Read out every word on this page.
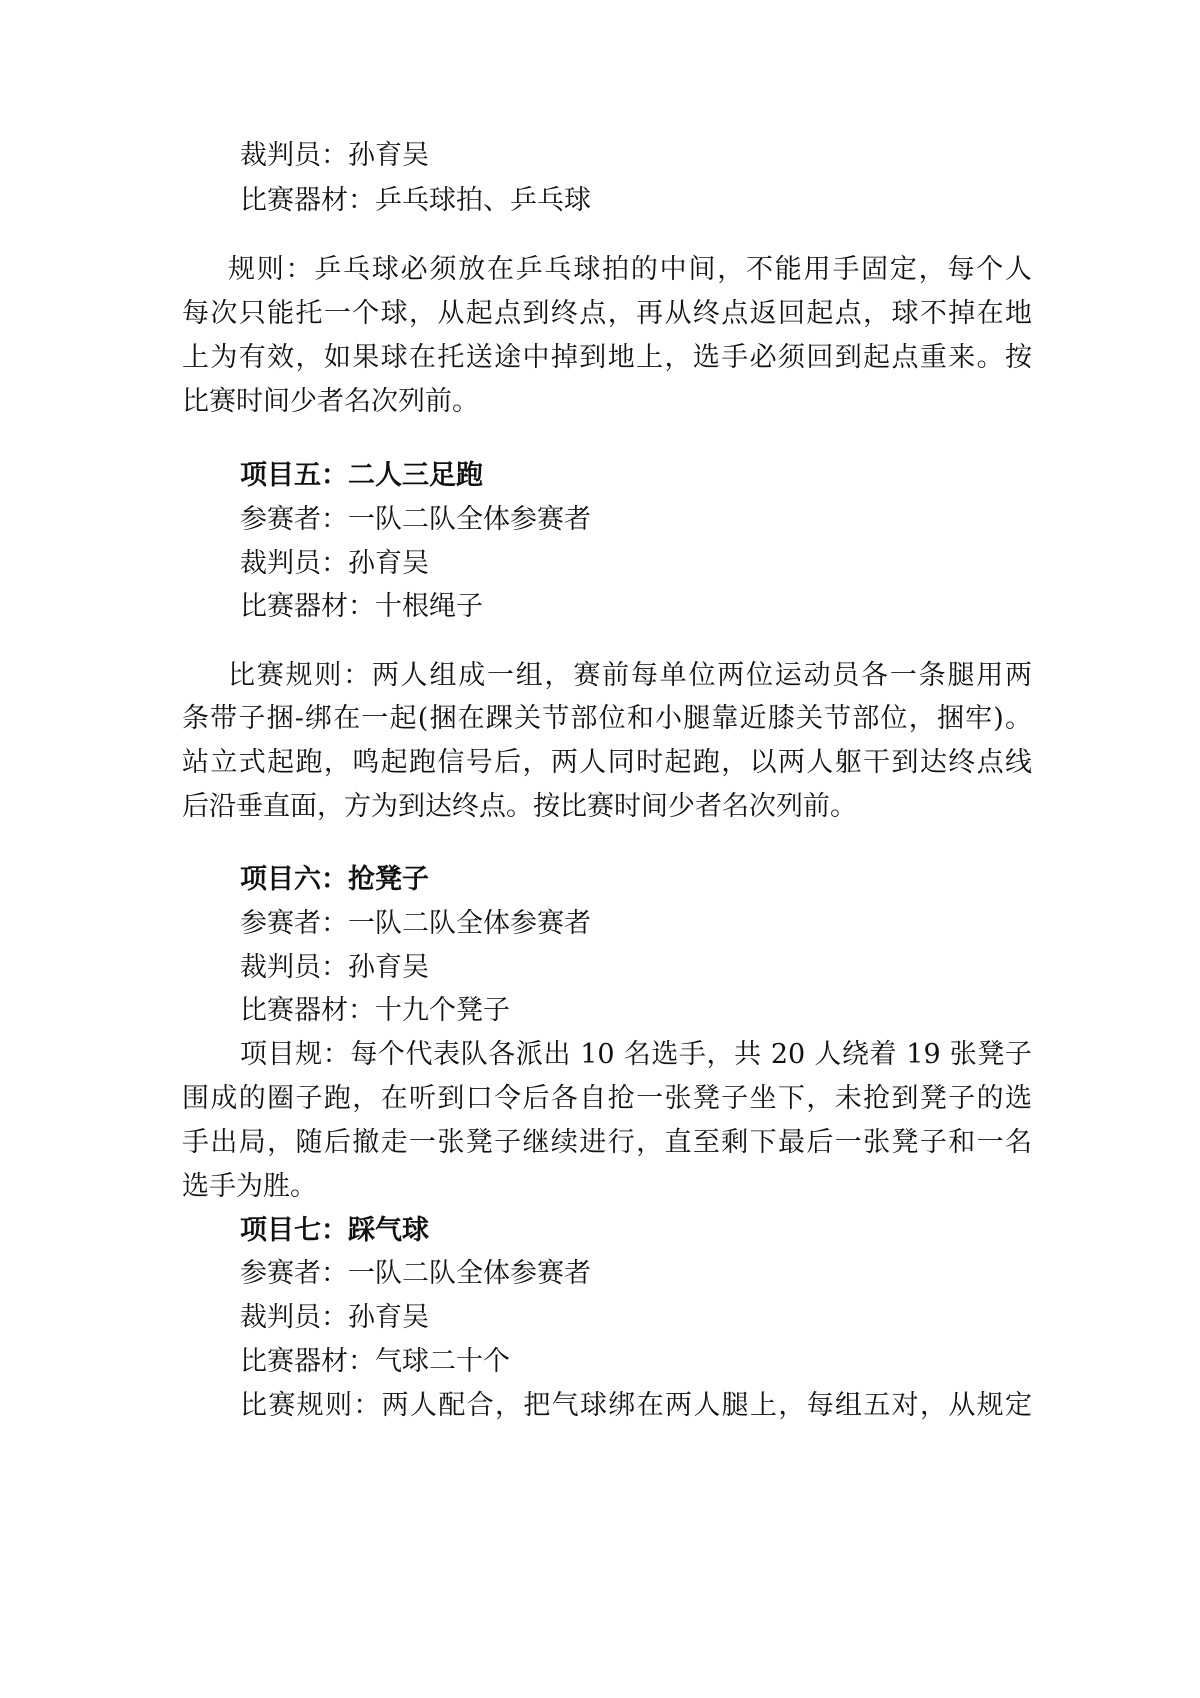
裁判员：孙育吴
比赛器材：乒乓球拍、乒乓球
规则：乒乓球必须放在乒乓球拍的中间，不能用手固定，每个人
每次只能托一个球，从起点到终点，再从终点返回起点，球不掉在地
上为有效，如果球在托送途中掉到地上，选手必须回到起点重来。按
比赛时间少者名次列前。
项目五：二人三足跑
参赛者：一队二队全体参赛者
裁判员：孙育吴
比赛器材：十根绳子
比赛规则：两人组成一组，赛前每单位两位运动员各一条腿用两
条带子捆-绑在一起(捆在踝关节部位和小腿靠近膝关节部位，捆牢)。
站立式起跑，鸣起跑信号后，两人同时起跑，以两人躯干到达终点线
后沿垂直面，方为到达终点。按比赛时间少者名次列前。
项目六：抢凳子
参赛者：一队二队全体参赛者
裁判员：孙育吴
比赛器材：十九个凳子
项目规：每个代表队各派出 10 名选手，共 20 人绕着 19 张凳子
围成的圈子跑，在听到口令后各自抢一张凳子坐下，未抢到凳子的选
手出局，随后撤走一张凳子继续进行，直至剩下最后一张凳子和一名
选手为胜。
项目七：踩气球
参赛者：一队二队全体参赛者
裁判员：孙育吴
比赛器材：气球二十个
比赛规则：两人配合，把气球绑在两人腿上，每组五对，从规定
